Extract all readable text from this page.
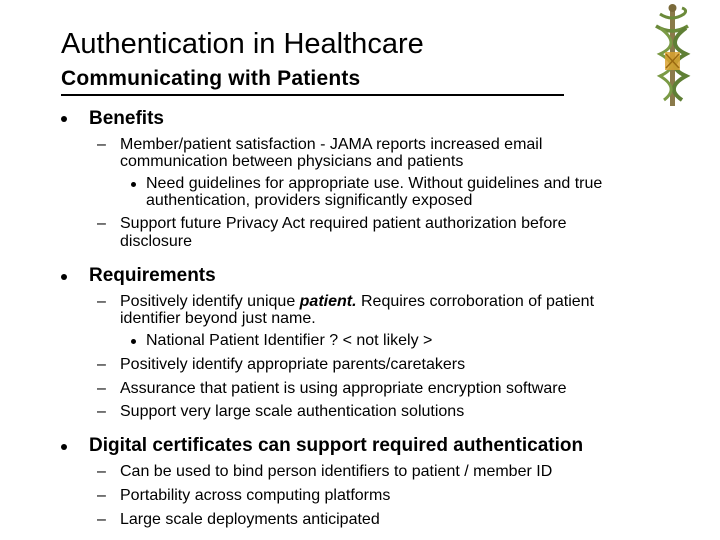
Authentication in Healthcare
Communicating with Patients
Benefits
– Member/patient satisfaction - JAMA reports increased email
communication between physicians and patients
Need guidelines for appropriate use. Without guidelines and true
authentication, providers significantly exposed
– Support future Privacy Act required patient authorization before
disclosure
Requirements
– Positively identify unique patient. Requires corroboration of patient
identifier beyond just name.
National Patient Identifier ? < not likely >
– Positively identify appropriate parents/caretakers
– Assurance that patient is using appropriate encryption software
– Support very large scale authentication solutions
Digital certificates can support required authentication
– Can be used to bind person identifiers to patient / member ID
– Portability across computing platforms
– Large scale deployments anticipated
